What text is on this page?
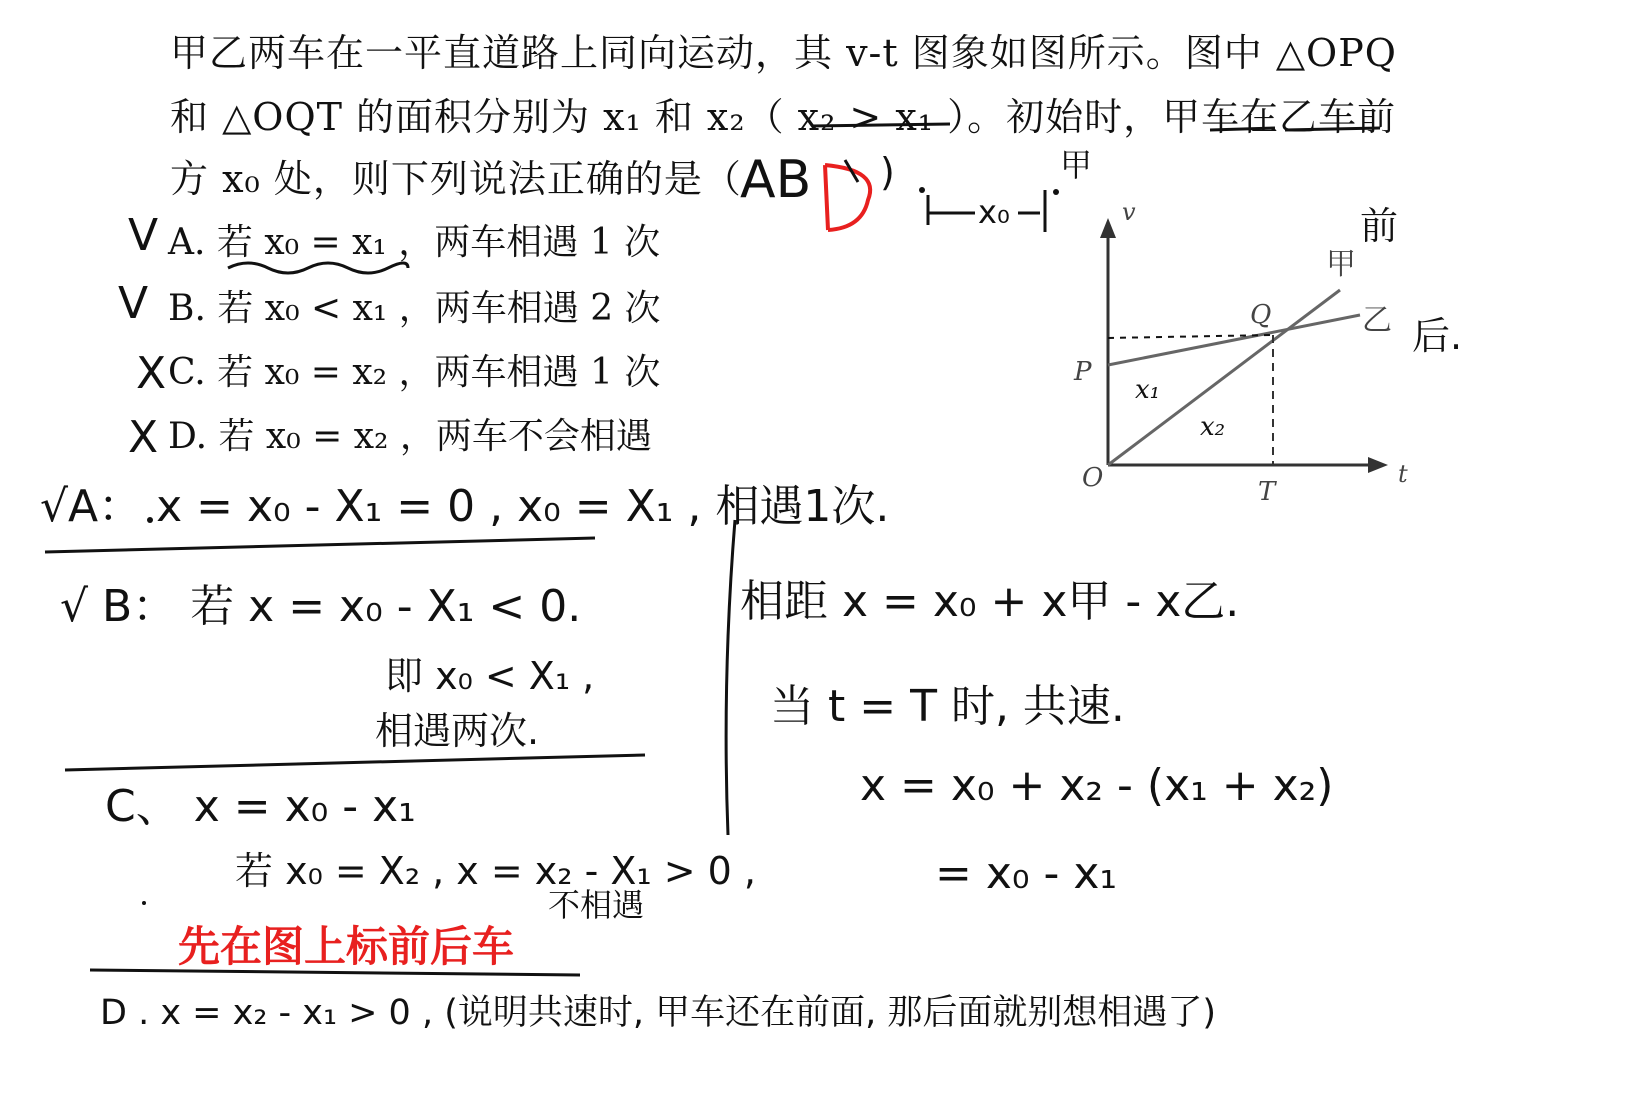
甲乙两车在一平直道路上同向运动，其 v-t 图象如图所示。图中 △OPQ
和 △OQT 的面积分别为 x₁ 和 x₂（ x₂ > x₁ ）。初始时，甲车在乙车前
方 x₀ 处，则下列说法正确的是（
AB )
x₀
甲
V A. 若 x₀ = x₁ ，两车相遇 1 次
V B. 若 x₀ < x₁ ，两车相遇 2 次
X C. 若 x₀ = x₂ ，两车相遇 1 次
X D. 若 x₀ = x₂ ，两车不会相遇
√A： x = x₀ - X₁ = 0 , x₀ = X₁ , 相遇1次.
√ B： 若 x = x₀ - X₁ < 0.
即 x₀ < X₁ ,
相遇两次.
C、 x = x₀ - x₁
若 x₀ = X₂ , x = x₂ - X₁ > 0 ,
不相遇
先在图上标前后车
D . x = x₂ - x₁ > 0 , (说明共速时, 甲车还在前面, 那后面就别想相遇了)
相距 x = x₀ + x甲 - x乙.
当 t = T 时, 共速.
x = x₀ + x₂ - (x₁ + x₂)
= x₀ - x₁
v
t
O
P
Q
T
甲
乙
x₁
x₂
前
后.
